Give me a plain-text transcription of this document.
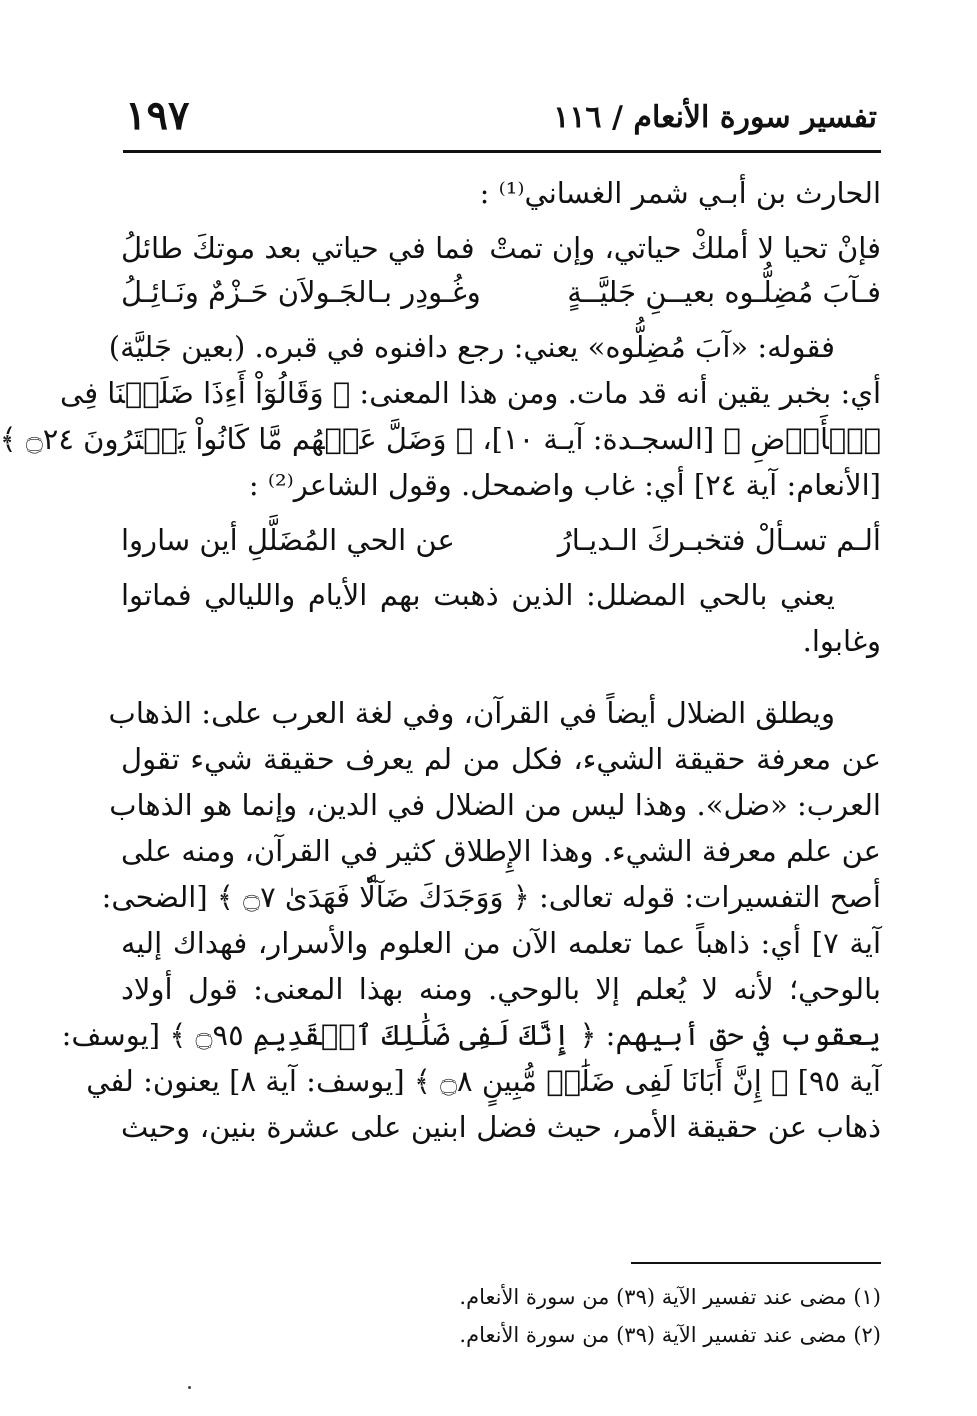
تفسير سورة الأنعام / ١١٦
١٩٧
الحارث بن أبـي شمر الغساني⁽¹⁾ :
فإنْ تحيا لا أملكْ حياتي، وإن تمتْ
فما في حياتي بعد موتكَ طائلُ
فـآبَ مُضِلُّـوه بعيــنِ جَليَّــةٍ
وغُـودِر بـالجَـولاَن حَـزْمٌ ونَـائِـلُ
فقوله: «آبَ مُضِلُّوه» يعني: رجع دافنوه في قبره. (بعين جَليَّة)
أي: بخبر يقين أنه قد مات. ومن هذا المعنى: ﴿ وَقَالُوٓاْ أَءِذَا ضَلَلۡنَا فِى
ٱلۡأَرۡضِ ﴾ [السجـدة: آيـة ١٠]، ﴿ وَضَلَّ عَنۡهُم مَّا كَانُواْ يَفۡتَرُونَ ۝٢٤ ﴾
[الأنعام: آية ٢٤] أي: غاب واضمحل. وقول الشاعر⁽²⁾ :
ألـم تسـألْ فتخبـركَ الـديـارُ
عن الحي المُضَلَّلِ أين ساروا
يعني بالحي المضلل: الذين ذهبت بهم الأيام والليالي فماتوا
وغابوا.
ويطلق الضلال أيضاً في القرآن، وفي لغة العرب على: الذهاب
عن معرفة حقيقة الشيء، فكل من لم يعرف حقيقة شيء تقول
العرب: «ضل». وهذا ليس من الضلال في الدين، وإنما هو الذهاب
عن علم معرفة الشيء. وهذا الإِطلاق كثير في القرآن، ومنه على
أصح التفسيرات: قوله تعالى: ﴿ وَوَجَدَكَ ضَآلّٗا فَهَدَىٰ ۝٧ ﴾ [الضحى:
آية ٧] أي: ذاهباً عما تعلمه الآن من العلوم والأسرار، فهداك إليه
بالوحي؛ لأنه لا يُعلم إلا بالوحي. ومنه بهذا المعنى: قول أولاد
يعقوب في حق أبيهم: ﴿ إِنَّكَ لَفِى ضَلَٰلِكَ ٱلۡقَدِيمِ ۝٩٥ ﴾ [يوسف:
آية ٩٥] ﴿ إِنَّ أَبَانَا لَفِى ضَلَٰلٖ مُّبِينٍ ۝٨ ﴾ [يوسف: آية ٨] يعنون: لفي
ذهاب عن حقيقة الأمر، حيث فضل ابنين على عشرة بنين، وحيث
(١) مضى عند تفسير الآية (٣٩) من سورة الأنعام.
(٢) مضى عند تفسير الآية (٣٩) من سورة الأنعام.
